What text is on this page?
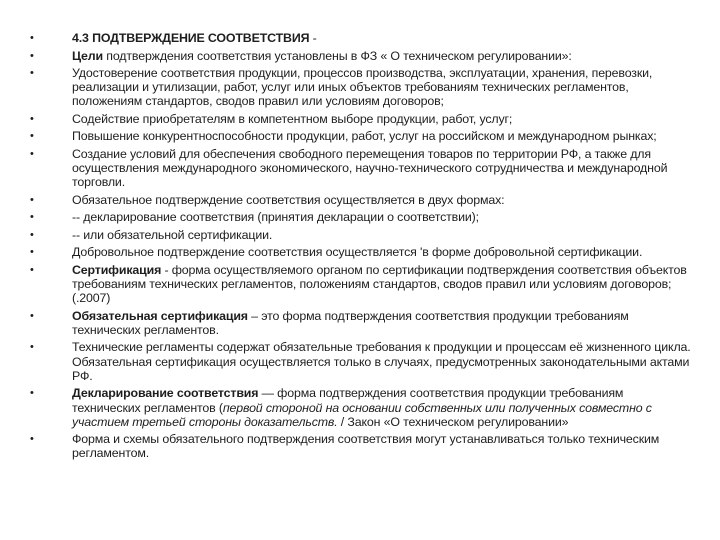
•	4.3 ПОДТВЕРЖДЕНИЕ СООТВЕТСТВИЯ -
•	Цели подтверждения соответствия установлены в ФЗ « О техническом регулировании»:
•	Удостоверение соответствия продукции, процессов производства, эксплуатации, хранения, перевозки, реализации и утилизации, работ, услуг или иных объектов требованиям технических регламентов, положениям стандартов, сводов правил или условиям договоров;
•	Содействие приобретателям в компетентном выборе продукции, работ, услуг;
•	Повышение конкурентноспособности продукции, работ, услуг на российском и международном рынках;
•	Создание условий для обеспечения свободного перемещения товаров по территории РФ, а также для осуществления международного экономического, научно-технического сотрудничества и международной торговли.
•	Обязательное подтверждение соответствия осуществляется в двух формах:
•	-- декларирование соответствия (принятия декларации о соответствии);
•	-- или обязательной сертификации.
•	Добровольное подтверждение соответствия осуществляется 'в форме добровольной сертификации.
•	Сертификация - форма осуществляемого органом по сертификации подтверждения соответствия объектов требованиям технических регламентов, положениям стандартов, сводов правил или условиям договоров; (.2007)
•	Обязательная сертификация – это форма подтверждения соответствия продукции требованиям технических регламентов.
•	Технические регламенты содержат обязательные требования к продукции и процессам её жизненного цикла. Обязательная сертификация осуществляется только в случаях, предусмотренных законодательными актами РФ.
•	Декларирование соответствия — форма подтверждения соответствия продукции требованиям технических регламентов (первой стороной на основании собственных или полученных совместно с участием третьей стороны доказательств. / Закон «О техническом регулировании»
•	Форма и схемы обязательного подтверждения соответствия могут устанавливаться только техническим регламентом.
